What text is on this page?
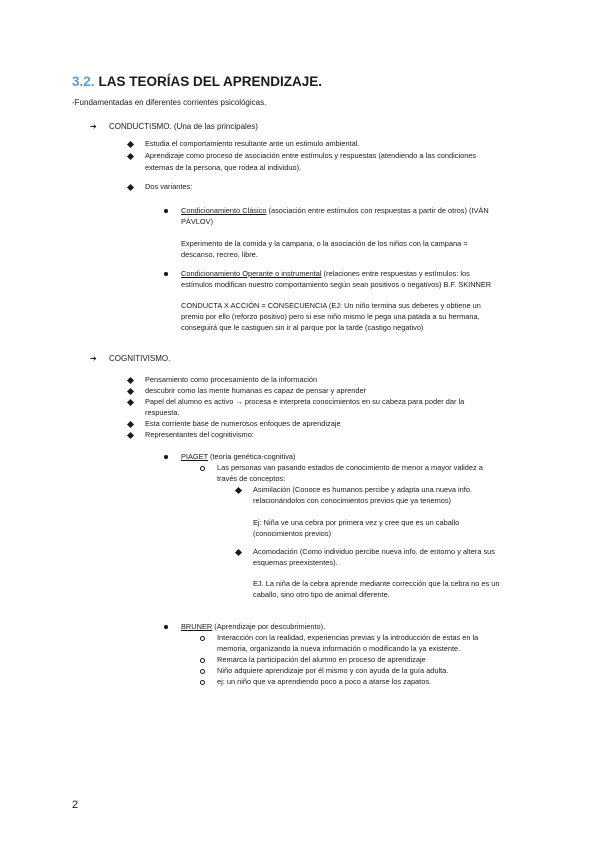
3.2. LAS TEORÍAS DEL APRENDIZAJE.
-Fundamentadas en diferentes corrientes psicológicas.
➔ CONDUCTISMO. (Una de las principales)
Estudia el comportamiento resultante ante un estimulo ambiental.
Aprendizaje como proceso de asociación entre estímulos y respuestas (atendiendo a las condiciones
externas de la persona, que rodea al individuo).
Dos variantes:
Condicionamiento Clásico (asociación entre estímulos con respuestas a partir de otros) (IVÁN
PÁVLOV)
Experimento de la comida y la campana, o la asociación de los niños con la campana =
descanso, recreo, libre.
Condicionamiento Operante o instrumental (relaciones entre respuestas y estímulos: los
estímulos modifican nuestro comportamiento según sean positivos o negativos) B.F. SKINNER
CONDUCTA X ACCIÓN = CONSECUENCIA (EJ: Un niño termina sus deberes y obtiene un
premio por ello (reforzo positivo) pero si ese niño mismo le pega una patada a su hermana,
conseguirá que le castiguen sin ir al parque por la tarde (castigo negativo)
➔ COGNITIVISMO.
Pensamiento como procesamiento de la información
descubrir como las mente humanas es capaz de pensar y aprender
Papel del alumno es activo → procesa e interpreta conocimientos en su cabeza para poder dar la
respuesta.
Esta corriente base de numerosos enfoques de aprendizaje
Representantes del cognitivismo:
PIAGET (teoría genética-cognitiva)
Las personas van pasando estados de conocimiento de menor a mayor validez a
través de conceptos:
Asimilación (Conoce es humanos percibe y adapta una nueva info.
relacionándolos con conocimientos previos que ya tenemos)
Ej: Niña ve una cebra por primera vez y cree que es un caballo
(conocimientos previos)
Acomodación (Como individuo percibe nueva info. de entorno y altera sus
esquemas preexistentes).
EJ. La niña de la cebra aprende mediante corrección que la cebra no es un
caballo, sino otro tipo de animal diferente.
BRUNER (Aprendizaje por descubrimiento).
Interacción con la realidad, experiencias previas y la introducción de estas en la
memoria, organizando la nueva información o modificando la ya existente.
Remarca la participación del alumno en proceso de aprendizaje
Niño adquiere aprendizaje por él mismo y con ayuda de la guía adulta.
ej: un niño que va aprendiendo poco a poco a atarse los zapatos.
2
